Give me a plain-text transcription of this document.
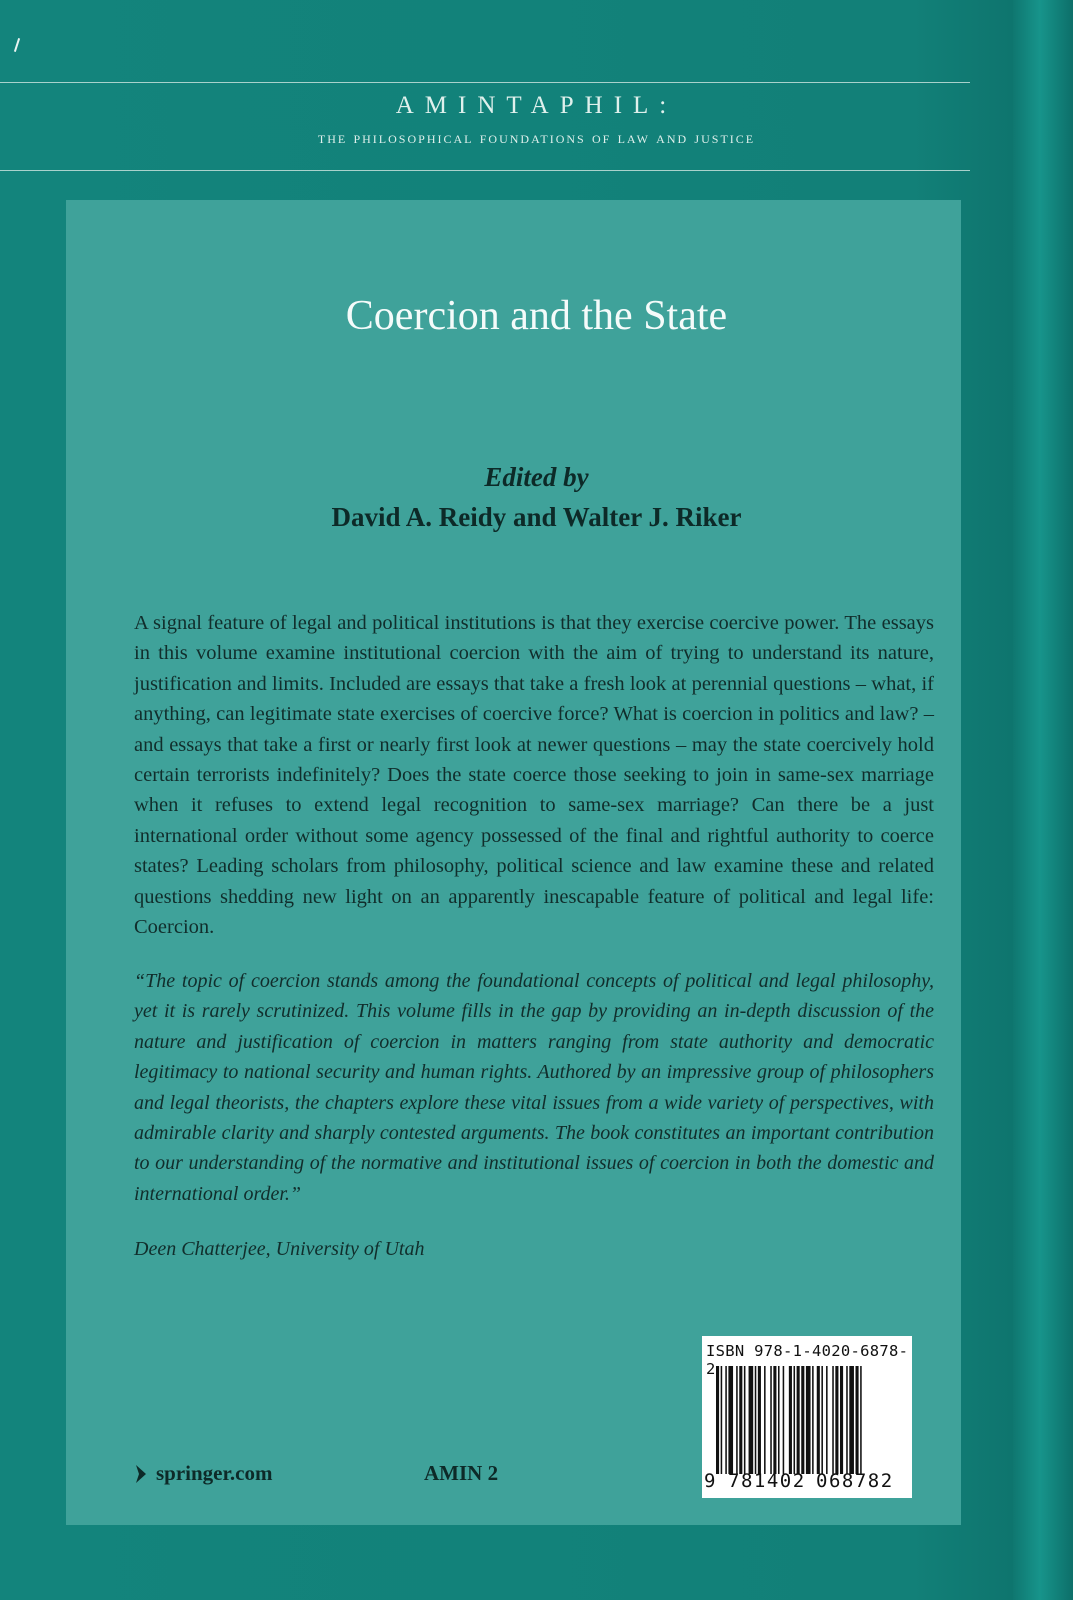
AMINTAPHIL:
the philosophical foundations of law and justice
Coercion and the State
Edited by
David A. Reidy and Walter J. Riker

A signal feature of legal and political institutions is that they exercise coercive power. The essays in this volume examine institutional coercion with the aim of trying to understand its nature, justification and limits. Included are essays that take a fresh look at perennial questions – what, if anything, can legitimate state exercises of coercive force? What is coercion in politics and law? – and essays that take a first or nearly first look at newer questions – may the state coercively hold certain terrorists indefinitely? Does the state coerce those seeking to join in same-sex marriage when it refuses to extend legal recognition to same-sex marriage? Can there be a just international order without some agency possessed of the final and rightful authority to coerce states? Leading scholars from philosophy, political science and law examine these and related questions shedding new light on an apparently inescapable feature of political and legal life: Coercion.

“The topic of coercion stands among the foundational concepts of political and legal philosophy, yet it is rarely scrutinized. This volume fills in the gap by providing an in-depth discussion of the nature and justification of coercion in matters ranging from state authority and democratic legitimacy to national security and human rights. Authored by an impressive group of philosophers and legal theorists, the chapters explore these vital issues from a wide variety of perspectives, with admirable clarity and sharply contested arguments. The book constitutes an important contribution to our understanding of the normative and institutional issues of coercion in both the domestic and international order.”

Deen Chatterjee, University of Utah
ISBN 978-1-4020-6878-2
9 781402 068782
springer.com	AMIN 2
